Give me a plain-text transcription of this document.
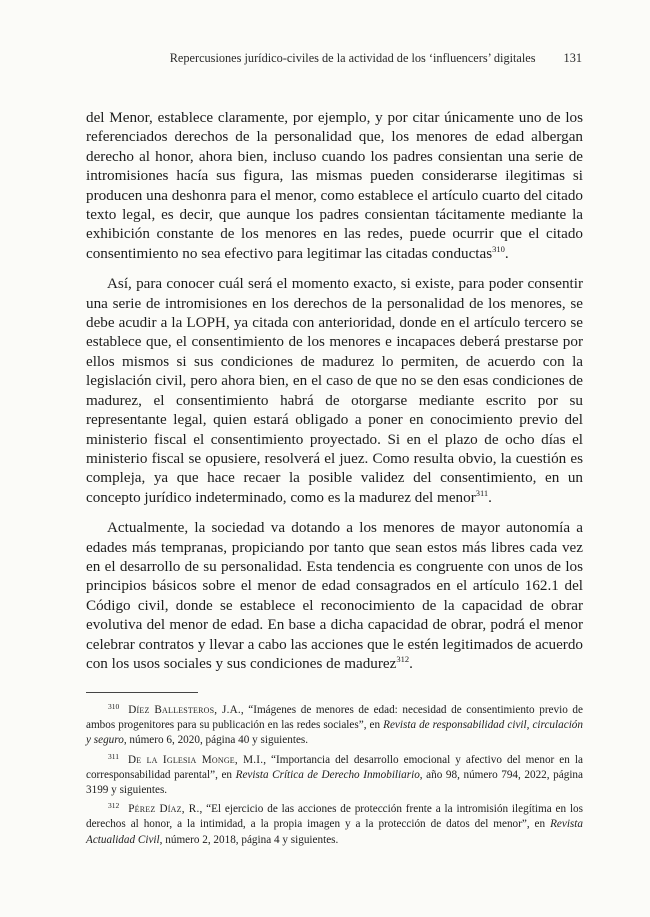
Repercusiones jurídico-civiles de la actividad de los ‘influencers’ digitales 131

del Menor, establece claramente, por ejemplo, y por citar únicamente uno de los referenciados derechos de la personalidad que, los menores de edad albergan derecho al honor, ahora bien, incluso cuando los padres consientan una serie de intromisiones hacía sus figura, las mismas pueden considerarse ilegitimas si producen una deshonra para el menor, como establece el artículo cuarto del citado texto legal, es decir, que aunque los padres consientan tácitamente mediante la exhibición constante de los menores en las redes, puede ocurrir que el citado consentimiento no sea efectivo para legitimar las citadas conductas$^{310}$.

Así, para conocer cuál será el momento exacto, si existe, para poder consentir una serie de intromisiones en los derechos de la personalidad de los menores, se debe acudir a la LOPH, ya citada con anterioridad, donde en el artículo tercero se establece que, el consentimiento de los menores e incapaces deberá prestarse por ellos mismos si sus condiciones de madurez lo permiten, de acuerdo con la legislación civil, pero ahora bien, en el caso de que no se den esas condiciones de madurez, el consentimiento habrá de otorgarse mediante escrito por su representante legal, quien estará obligado a poner en conocimiento previo del ministerio fiscal el consentimiento proyectado. Si en el plazo de ocho días el ministerio fiscal se opusiere, resolverá el juez. Como resulta obvio, la cuestión es compleja, ya que hace recaer la posible validez del consentimiento, en un concepto jurídico indeterminado, como es la madurez del menor$^{311}$.

Actualmente, la sociedad va dotando a los menores de mayor autonomía a edades más tempranas, propiciando por tanto que sean estos más libres cada vez en el desarrollo de su personalidad. Esta tendencia es congruente con unos de los principios básicos sobre el menor de edad consagrados en el artículo 162.1 del Código civil, donde se establece el reconocimiento de la capacidad de obrar evolutiva del menor de edad. En base a dicha capacidad de obrar, podrá el menor celebrar contratos y llevar a cabo las acciones que le estén legitimados de acuerdo con los usos sociales y sus condiciones de madurez$^{312}$.

$^{310}$ Díez Ballesteros, J.A., “Imágenes de menores de edad: necesidad de consentimiento previo de ambos progenitores para su publicación en las redes sociales”, en Revista de responsabilidad civil, circulación y seguro, número 6, 2020, página 40 y siguientes.

$^{311}$ De la Iglesia Monge, M.I., “Importancia del desarrollo emocional y afectivo del menor en la corresponsabilidad parental”, en Revista Crítica de Derecho Inmobiliario, año 98, número 794, 2022, página 3199 y siguientes.

$^{312}$ Pérez Díaz, R., “El ejercicio de las acciones de protección frente a la intromisión ilegítima en los derechos al honor, a la intimidad, a la propia imagen y a la protección de datos del menor”, en Revista Actualidad Civil, número 2, 2018, página 4 y siguientes.
